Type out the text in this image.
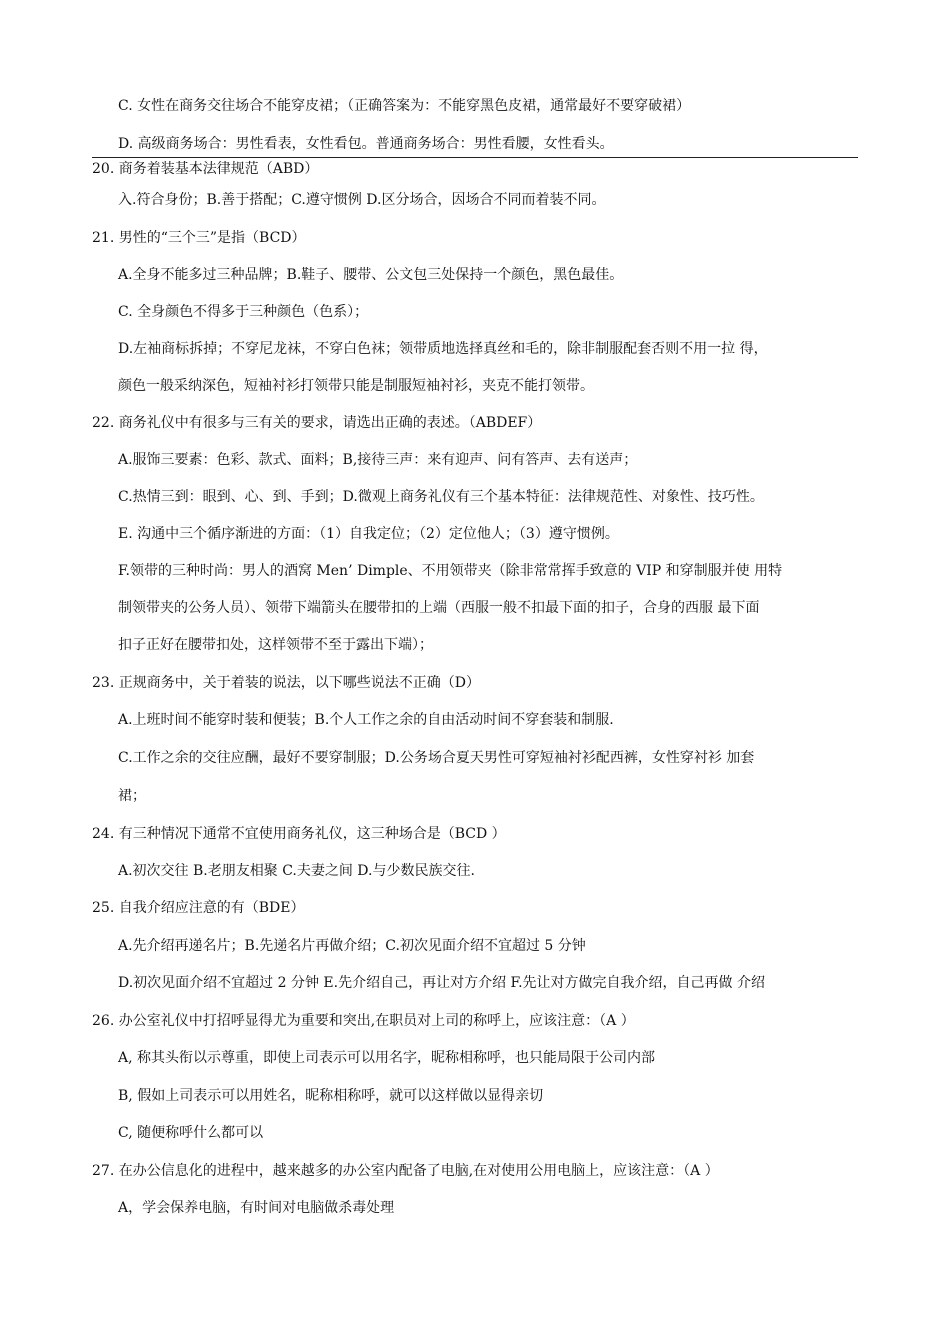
C. 女性在商务交往场合不能穿皮裙；（正确答案为：不能穿黑色皮裙，通常最好不要穿破裙）
D. 高级商务场合：男性看表，女性看包。普通商务场合：男性看腰，女性看头。
20. 商务着装基本法律规范（ABD）
入.符合身份；B.善于搭配；C.遵守惯例 D.区分场合，因场合不同而着装不同。
21. 男性的“三个三”是指（BCD）
A.全身不能多过三种品牌；B.鞋子、腰带、公文包三处保持一个颜色，黑色最佳。
C. 全身颜色不得多于三种颜色（色系）；
D.左袖商标拆掉；不穿尼龙袜，不穿白色袜；领带质地选择真丝和毛的，除非制服配套否则不用一拉 得，
颜色一般采纳深色，短袖衬衫打领带只能是制服短袖衬衫，夹克不能打领带。
22. 商务礼仪中有很多与三有关的要求，请选出正确的表述。（ABDEF）
A.服饰三要素：色彩、款式、面料；B,接待三声：来有迎声、问有答声、去有送声；
C.热情三到：眼到、心、到、手到；D.微观上商务礼仪有三个基本特征：法律规范性、对象性、技巧性。
E. 沟通中三个循序渐进的方面：（1）自我定位；（2）定位他人；（3）遵守惯例。
F.领带的三种时尚：男人的酒窝 Men’ Dimple、不用领带夹（除非常常挥手致意的 VIP 和穿制服并使 用特
制领带夹的公务人员）、领带下端箭头在腰带扣的上端（西服一般不扣最下面的扣子，合身的西服 最下面
扣子正好在腰带扣处，这样领带不至于露出下端）；
23. 正规商务中，关于着装的说法，以下哪些说法不正确（D）
A.上班时间不能穿时装和便装；B.个人工作之余的自由活动时间不穿套装和制服.
C.工作之余的交往应酬，最好不要穿制服；D.公务场合夏天男性可穿短袖衬衫配西裤，女性穿衬衫 加套
裙；
24. 有三种情况下通常不宜使用商务礼仪，这三种场合是（BCD ）
A.初次交往 B.老朋友相聚 C.夫妻之间 D.与少数民族交往.
25. 自我介绍应注意的有（BDE）
A.先介绍再递名片；B.先递名片再做介绍；C.初次见面介绍不宜超过 5 分钟
D.初次见面介绍不宜超过 2 分钟 E.先介绍自己，再让对方介绍 F.先让对方做完自我介绍，自己再做 介绍
26. 办公室礼仪中打招呼显得尤为重要和突出,在职员对上司的称呼上，应该注意：（A ）
A, 称其头衔以示尊重，即使上司表示可以用名字，昵称相称呼，也只能局限于公司内部
B, 假如上司表示可以用姓名，昵称相称呼，就可以这样做以显得亲切
C, 随便称呼什么都可以
27. 在办公信息化的进程中，越来越多的办公室内配备了电脑,在对使用公用电脑上，应该注意：（A ）
A，学会保养电脑，有时间对电脑做杀毒处理
